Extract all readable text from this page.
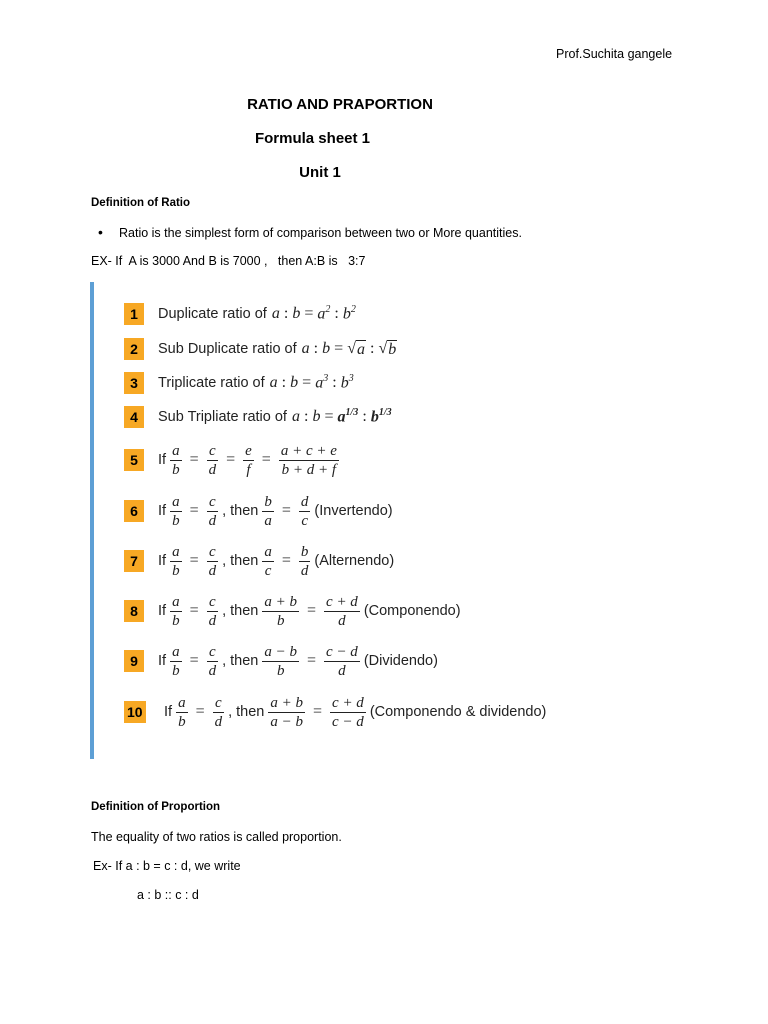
Prof.Suchita gangele
RATIO AND PRAPORTION
Formula sheet 1
Unit 1
Definition of Ratio
• Ratio is the simplest form of comparison between two or More quantities.
EX- If  A is 3000 And B is 7000 ,   then A:B is   3:7
1	Duplicate ratio of a
:
$b = a^2$
:
$b^2$
2	Sub Duplicate ratio of a
:
b = √ a
:
√ b
3	Triplicate ratio of a
:
$b = a^3$
:
$b^3$
4	Sub Tripliate ratio of a
:
$b = a^{1/3}$
:
$b^{1/3}$
5	If $\frac{a}{b} = \frac{c}{d} = \frac{e}{f} = \frac{a + c + e}{b + d + f}$
6	If $\frac{a}{b} = \frac{c}{d}$ , then $\frac{b}{a} = \frac{d}{c}$ (Invertendo)
7	If $\frac{a}{b} = \frac{c}{d}$ , then $\frac{a}{c} = \frac{b}{d}$ (Alternendo)
8	If $\frac{a}{b} = \frac{c}{d}$ , then $\frac{a + b}{b} = \frac{c + d}{d}$ (Componendo)
9	If $\frac{a}{b} = \frac{c}{d}$ , then $\frac{a - b}{b} = \frac{c - d}{d}$ (Dividendo)
10 If $\frac{a}{b} = \frac{c}{d}$ , then $\frac{a + b}{a - b} = \frac{c + d}{c - d}$ (Componendo & dividendo)
Definition of Proportion
The equality of two ratios is called proportion.
Ex- If a : b = c : d, we write
a : b :: c : d
